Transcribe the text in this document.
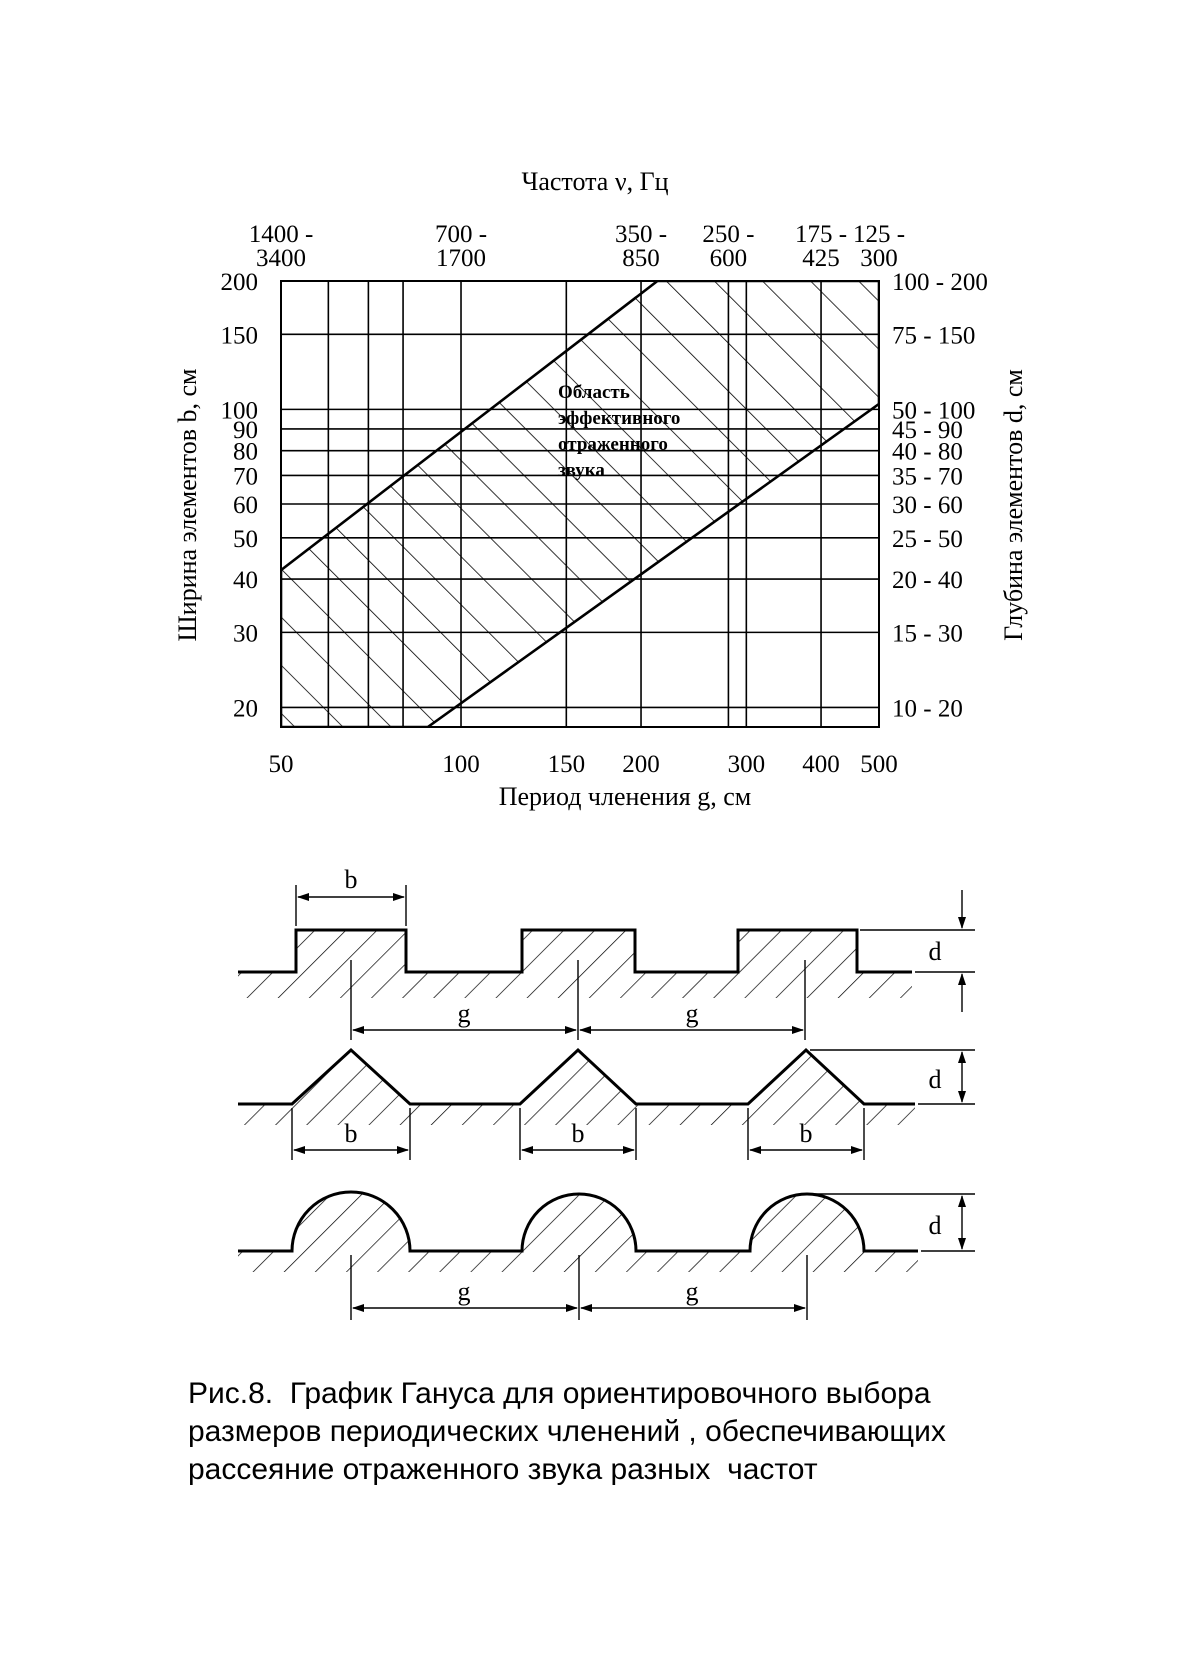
50	100	150 200	300 400 500
20
30
40
50
60
70
80
90
100
150
200
10 - 20
15 - 30
20 - 40
25 - 50
30 - 60
35 - 70
40 - 80
45 - 90
50 - 100
75 - 150
100 - 200
1400 -
3400
700 -
1700
350 -
850
250 -
600
175 -
425
125 -
300
Область
эффективного
отраженного
звука
Частота ν, Гц
Период членения g, см
Ширина элементов b, см	Глубина элементов d, см
b
g	g
d
b	b	b
d
g	g
d
Рис.8.  График Гануса для ориентировочного выбора
размеров периодических членений , обеспечивающих
рассеяние отраженного звука разных  частот
